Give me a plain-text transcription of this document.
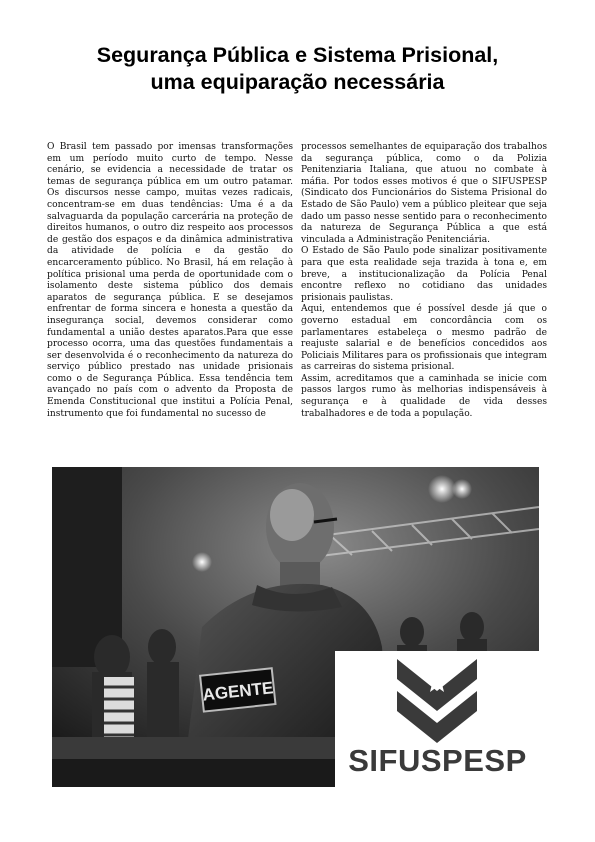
Segurança Pública e Sistema Prisional,
uma equiparação necessária

O Brasil tem passado por imensas transformações em um período muito curto de tempo. Nesse cenário, se evidencia a necessidade de tratar os temas de segurança pública em um outro patamar. Os discursos nesse campo, muitas vezes radicais, concentram-se em duas tendências: Uma é a da salvaguarda da população carcerária na proteção de direitos humanos, o outro diz respeito aos processos de gestão dos espaços e da dinâmica administrativa da atividade de polícia e da gestão do encarceramento público. No Brasil, há em relação à política prisional uma perda de oportunidade com o isolamento deste sistema público dos demais aparatos de segurança pública. E se desejamos enfrentar de forma sincera e honesta a questão da insegurança social, devemos considerar como fundamental a união destes aparatos.Para que esse processo ocorra, uma das questões fundamentais a ser desenvolvida é o reconhecimento da natureza do serviço público prestado nas unidade prisionais como o de Segurança Pública. Essa tendência tem avançado no país com o advento da Proposta de Emenda Constitucional que institui a Polícia Penal, instrumento que foi fundamental no sucesso de

processos semelhantes de equiparação dos trabalhos da segurança pública, como o da Polizia Penitenziaria Italiana, que atuou no combate à máfia. Por todos esses motivos é que o SIFUSPESP (Sindicato dos Funcionários do Sistema Prisional do Estado de São Paulo) vem a público pleitear que seja dado um passo nesse sentido para o reconhecimento da natureza de Segurança Pública a que está vinculada a Administração Penitenciária.

O Estado de São Paulo pode sinalizar positivamente para que esta realidade seja trazida à tona e, em breve, a institucionalização da Polícia Penal encontre reflexo no cotidiano das unidades prisionais paulistas.

Aqui, entendemos que é possível desde já que o governo estadual em concordância com os parlamentares estabeleça o mesmo padrão de reajuste salarial e de benefícios concedidos aos Policiais Militares para os profissionais que integram as carreiras do sistema prisional.

Assim, acreditamos que a caminhada se inicie com passos largos rumo às melhorias indispensáveis à segurança e à qualidade de vida desses trabalhadores e de toda a população.

AGENTE
SIFUSPESP
